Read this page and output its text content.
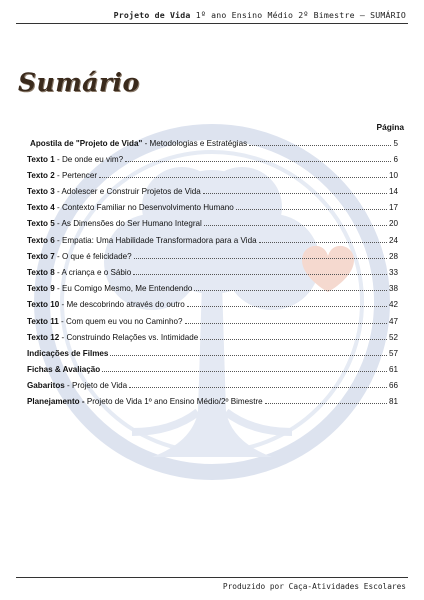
Projeto de Vida 1º ano Ensino Médio 2º Bimestre – SUMÁRIO
Sumário
Página
Apostila de "Projeto de Vida" - Metodologias e Estratégias	5
Texto 1 - De onde eu vim?	6
Texto 2 - Pertencer	10
Texto 3 - Adolescer e Construir Projetos de Vida	14
Texto 4 - Contexto Familiar no Desenvolvimento Humano	17
Texto 5 - As Dimensões do Ser Humano Integral	20
Texto 6 - Empatia: Uma Habilidade Transformadora para a Vida	24
Texto 7 - O que é felicidade?	28
Texto 8 - A criança e o Sábio	33
Texto 9 - Eu Comigo Mesmo, Me Entendendo	38
Texto 10 - Me descobrindo através do outro	42
Texto 11 - Com quem eu vou no Caminho?	47
Texto 12 - Construindo Relações vs. Intimidade	52
Indicações de Filmes	57
Fichas & Avaliação	61
Gabaritos - Projeto de Vida	66
Planejamento - Projeto de Vida 1º ano Ensino Médio/2º Bimestre	81
Produzido por Caça-Atividades Escolares
